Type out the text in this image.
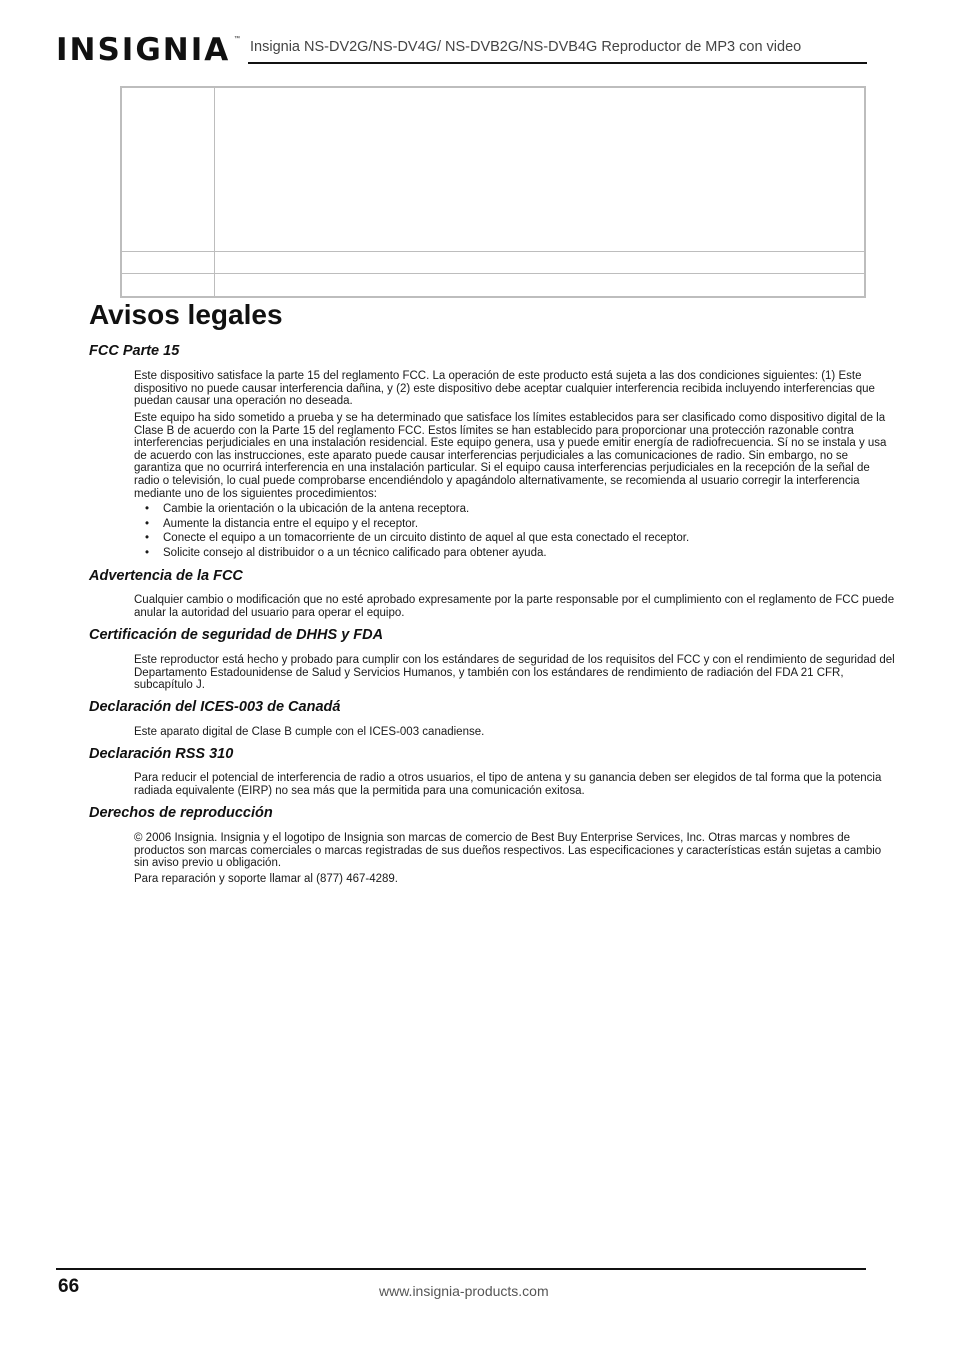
INSIGNIA ™ Insignia NS-DV2G/NS-DV4G/ NS-DVB2G/NS-DVB4G Reproductor de MP3 con video
Avisos legales
FCC Parte 15

Este dispositivo satisface la parte 15 del reglamento FCC. La operación de este producto está sujeta a las dos condiciones siguientes: (1) Este dispositivo no puede causar interferencia dañina, y (2) este dispositivo debe aceptar cualquier interferencia recibida incluyendo interferencias que puedan causar una operación no deseada.

Este equipo ha sido sometido a prueba y se ha determinado que satisface los límites establecidos para ser clasificado como dispositivo digital de la Clase B de acuerdo con la Parte 15 del reglamento FCC. Estos límites se han establecido para proporcionar una protección razonable contra interferencias perjudiciales en una instalación residencial. Este equipo genera, usa y puede emitir energía de radiofrecuencia. Sí no se instala y usa de acuerdo con las instrucciones, este aparato puede causar interferencias perjudiciales a las comunicaciones de radio. Sin embargo, no se garantiza que no ocurrirá interferencia en una instalación particular. Si el equipo causa interferencias perjudiciales en la recepción de la señal de radio o televisión, lo cual puede comprobarse encendiéndolo y apagándolo alternativamente, se recomienda al usuario corregir la interferencia mediante uno de los siguientes procedimientos:

• Cambie la orientación o la ubicación de la antena receptora.
• Aumente la distancia entre el equipo y el receptor.
• Conecte el equipo a un tomacorriente de un circuito distinto de aquel al que esta conectado el receptor.
• Solicite consejo al distribuidor o a un técnico calificado para obtener ayuda.
Advertencia de la FCC

Cualquier cambio o modificación que no esté aprobado expresamente por la parte responsable por el cumplimiento con el reglamento de FCC puede anular la autoridad del usuario para operar el equipo.

Certificación de seguridad de DHHS y FDA

Este reproductor está hecho y probado para cumplir con los estándares de seguridad de los requisitos del FCC y con el rendimiento de seguridad del Departamento Estadounidense de Salud y Servicios Humanos, y también con los estándares de rendimiento de radiación del FDA 21 CFR, subcapítulo J.

Declaración del ICES-003 de Canadá

Este aparato digital de Clase B cumple con el ICES-003 canadiense.

Declaración RSS 310

Para reducir el potencial de interferencia de radio a otros usuarios, el tipo de antena y su ganancia deben ser elegidos de tal forma que la potencia radiada equivalente (EIRP) no sea más que la permitida para una comunicación exitosa.

Derechos de reproducción

© 2006 Insignia. Insignia y el logotipo de Insignia son marcas de comercio de Best Buy Enterprise Services, Inc. Otras marcas y nombres de productos son marcas comerciales o marcas registradas de sus dueños respectivos. Las especificaciones y características están sujetas a cambio sin aviso previo u obligación.

Para reparación y soporte llamar al (877) 467-4289.

66	www.insignia-products.com
